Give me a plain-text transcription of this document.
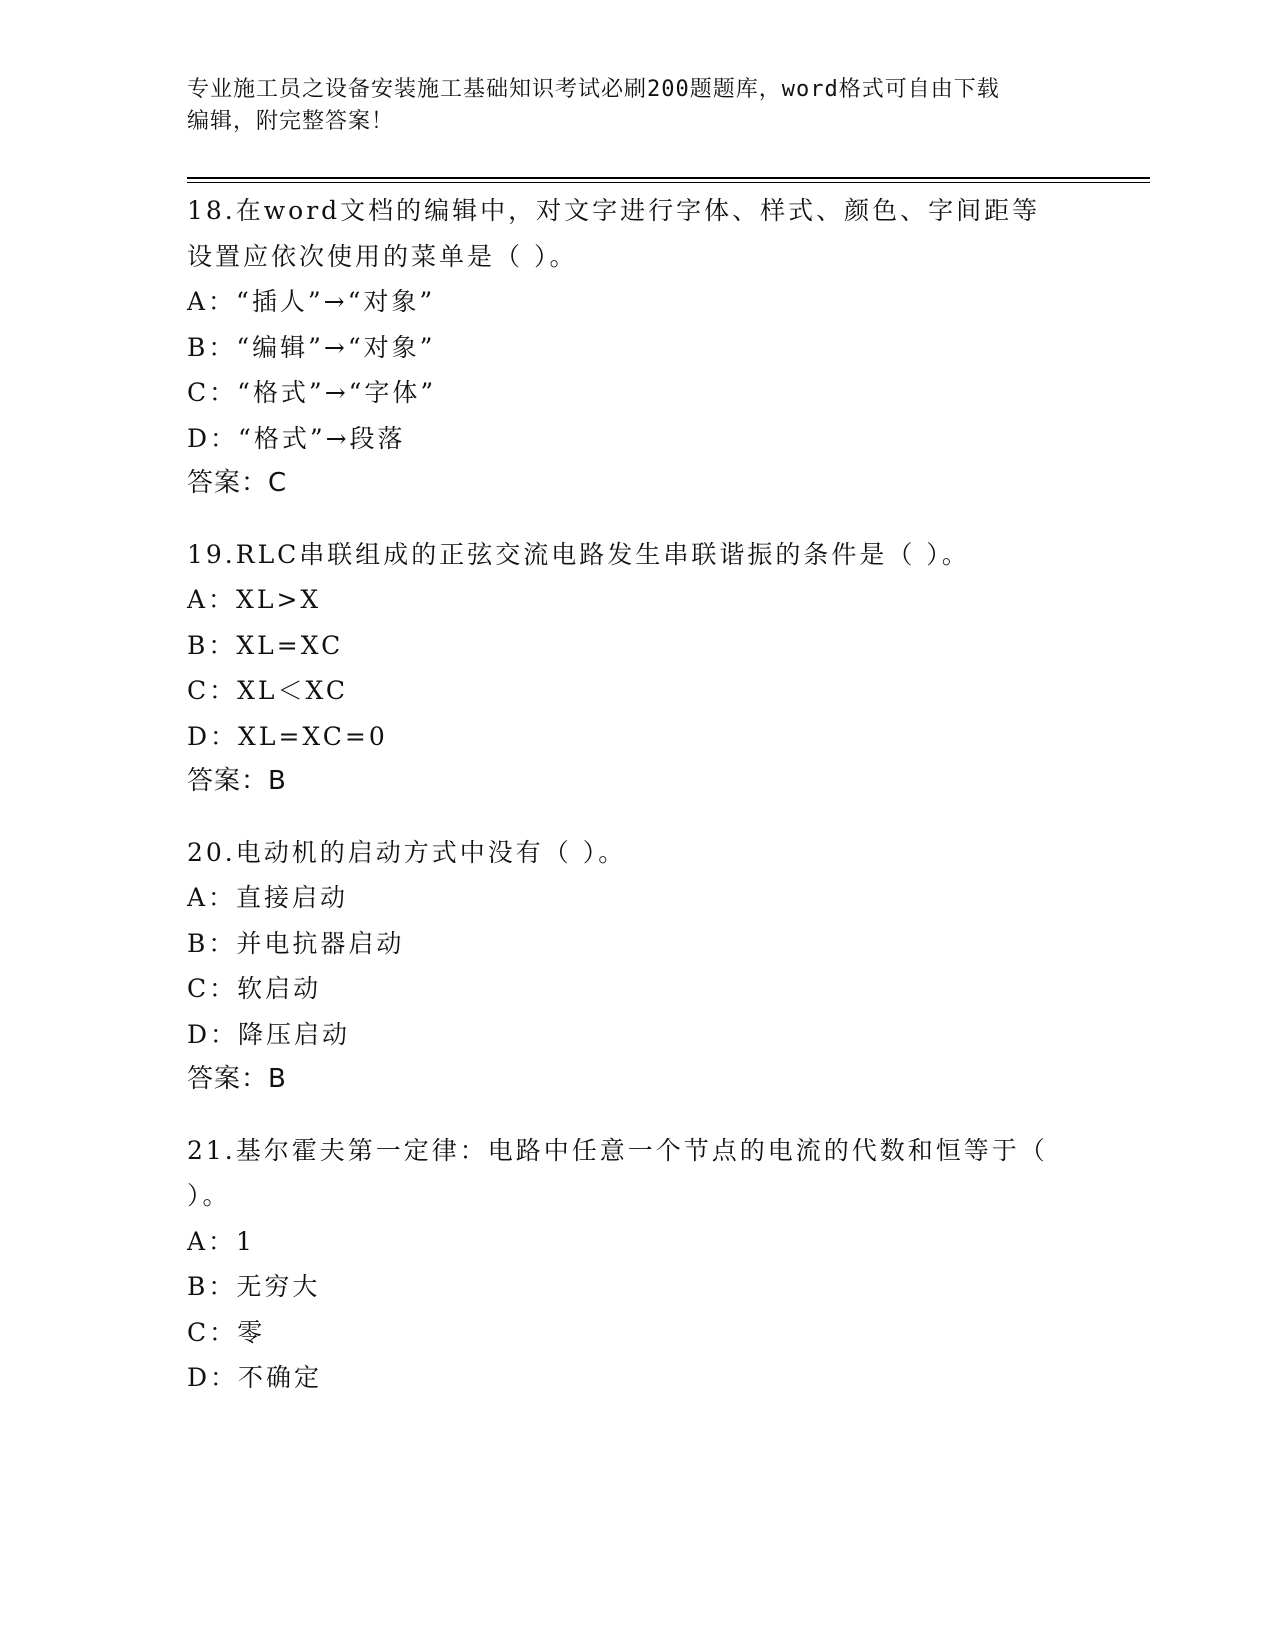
专业施工员之设备安装施工基础知识考试必刷200题题库，word格式可自由下载
编辑，附完整答案！
18.在word文档的编辑中，对文字进行字体、样式、颜色、字间距等
设置应依次使用的菜单是（ ）。
A：“插人”→“对象”
B：“编辑”→“对象”
C：“格式”→“字体”
D：“格式”→段落
答案：C
19.RLC串联组成的正弦交流电路发生串联谐振的条件是（ ）。
A：XL>X
B：XL=XC
C：XL＜XC
D：XL=XC=0
答案：B
20.电动机的启动方式中没有（ ）。
A：直接启动
B：并电抗器启动
C：软启动
D：降压启动
答案：B
21.基尔霍夫第一定律：电路中任意一个节点的电流的代数和恒等于（
）。
A：1
B：无穷大
C：零
D：不确定
